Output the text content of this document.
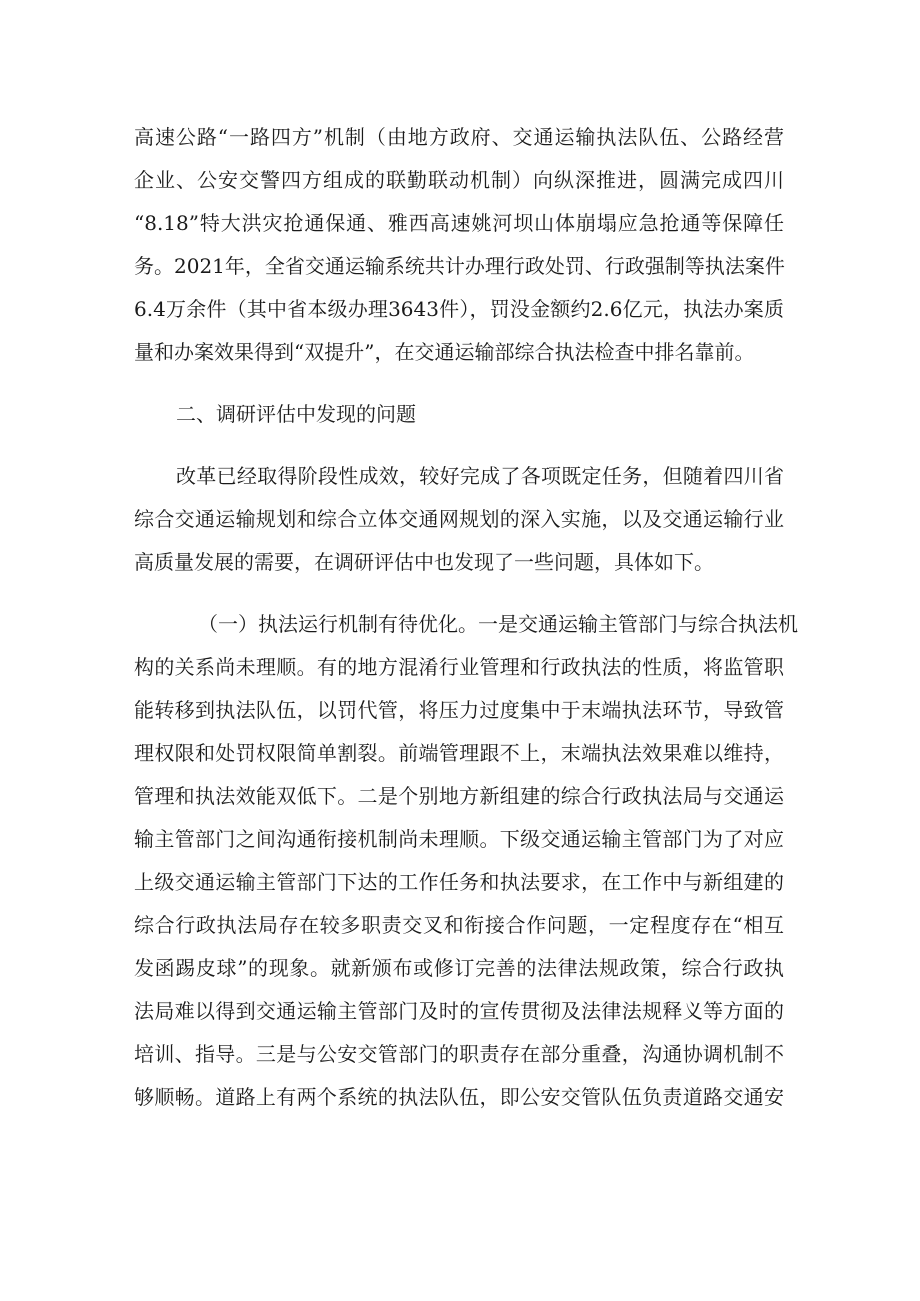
高速公路“一路四方”机制（由地方政府、交通运输执法队伍、公路经营
企业、公安交警四方组成的联勤联动机制）向纵深推进，圆满完成四川
“8.18”特大洪灾抢通保通、雅西高速姚河坝山体崩塌应急抢通等保障任
务。2021年，全省交通运输系统共计办理行政处罚、行政强制等执法案件
6.4万余件（其中省本级办理3643件），罚没金额约2.6亿元，执法办案质
量和办案效果得到“双提升”，在交通运输部综合执法检查中排名靠前。
二、调研评估中发现的问题
改革已经取得阶段性成效，较好完成了各项既定任务，但随着四川省
综合交通运输规划和综合立体交通网规划的深入实施，以及交通运输行业
高质量发展的需要，在调研评估中也发现了一些问题，具体如下。
（一）执法运行机制有待优化。一是交通运输主管部门与综合执法机
构的关系尚未理顺。有的地方混淆行业管理和行政执法的性质，将监管职
能转移到执法队伍，以罚代管，将压力过度集中于末端执法环节，导致管
理权限和处罚权限简单割裂。前端管理跟不上，末端执法效果难以维持，
管理和执法效能双低下。二是个别地方新组建的综合行政执法局与交通运
输主管部门之间沟通衔接机制尚未理顺。下级交通运输主管部门为了对应
上级交通运输主管部门下达的工作任务和执法要求，在工作中与新组建的
综合行政执法局存在较多职责交叉和衔接合作问题，一定程度存在“相互
发函踢皮球”的现象。就新颁布或修订完善的法律法规政策，综合行政执
法局难以得到交通运输主管部门及时的宣传贯彻及法律法规释义等方面的
培训、指导。三是与公安交管部门的职责存在部分重叠，沟通协调机制不
够顺畅。道路上有两个系统的执法队伍，即公安交管队伍负责道路交通安
